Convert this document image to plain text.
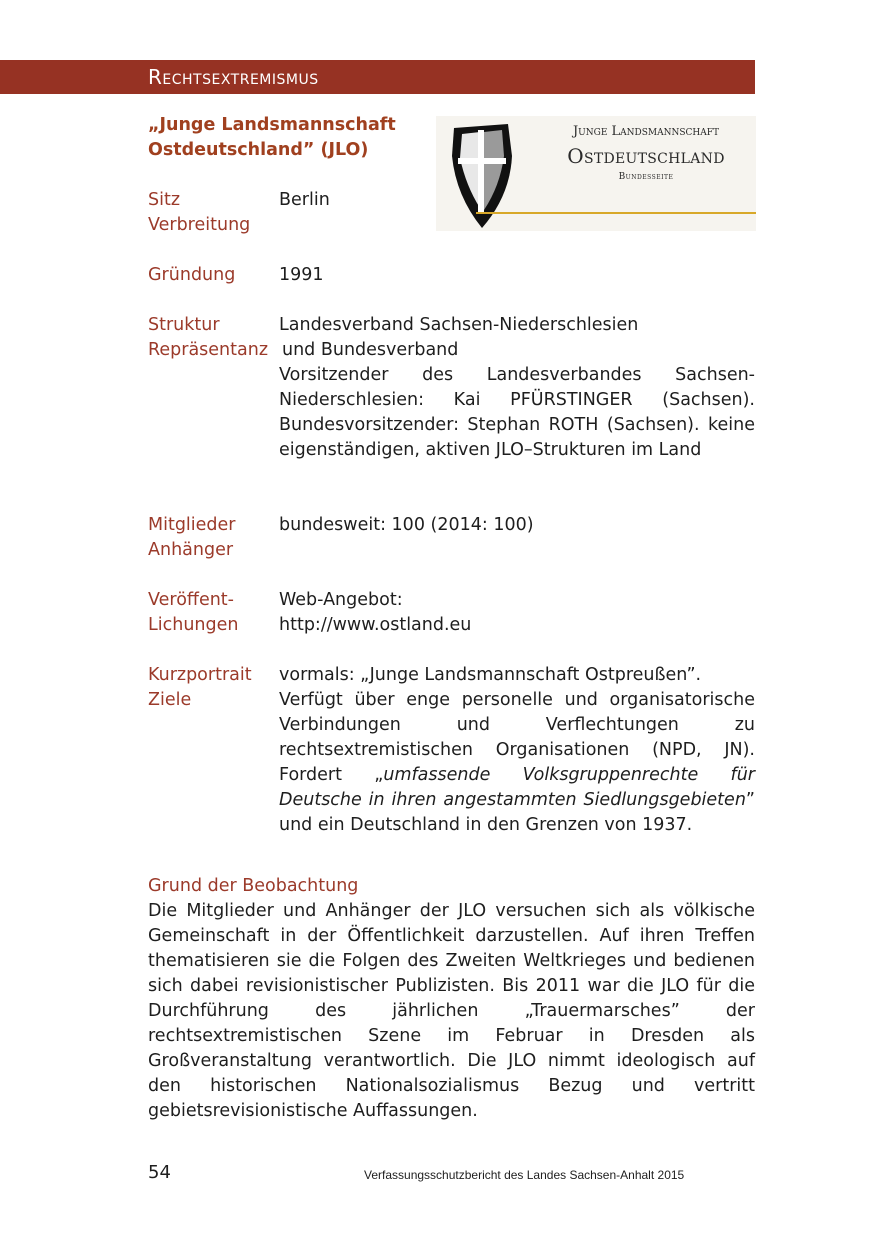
Rechtsextremismus
„Junge Landsmannschaft
Ostdeutschland” (JLO)
Junge Landsmannschaft
Ostdeutschland
Bundesseite
Sitz
Verbreitung
Berlin
Gründung 1991
Struktur
Repräsentanz
Landesverband Sachsen-Niederschlesien
und Bundesverband
Vorsitzender des Landesverbandes Sachsen-Niederschlesien: Kai PFÜRSTINGER (Sachsen). Bundesvorsitzender: Stephan ROTH (Sachsen). keine eigenständigen, aktiven JLO–Strukturen im Land
Mitglieder
Anhänger
bundesweit: 100 (2014: 100)
Veröffent-
Lichungen
Web-Angebot:
http://www.ostland.eu
Kurzportrait
Ziele
vormals: „Junge Landsmannschaft Ostpreußen”.
Verfügt über enge personelle und organisatorische Verbindungen und Verflechtungen zu rechtsextremistischen Organisationen (NPD, JN). Fordert „umfassende Volksgruppenrechte für Deutsche in ihren angestammten Siedlungsgebieten” und ein Deutschland in den Grenzen von 1937.
Grund der Beobachtung
Die Mitglieder und Anhänger der JLO versuchen sich als völkische Gemeinschaft in der Öffentlichkeit darzustellen. Auf ihren Treffen thematisieren sie die Folgen des Zweiten Weltkrieges und bedienen sich dabei revisionistischer Publizisten. Bis 2011 war die JLO für die Durchführung des jährlichen „Trauermarsches” der rechtsextremistischen Szene im Februar in Dresden als Großveranstaltung verantwortlich. Die JLO nimmt ideologisch auf den historischen Nationalsozialismus Bezug und vertritt gebietsrevisionistische Auffassungen.
54	Verfassungsschutzbericht des Landes Sachsen-Anhalt 2015
